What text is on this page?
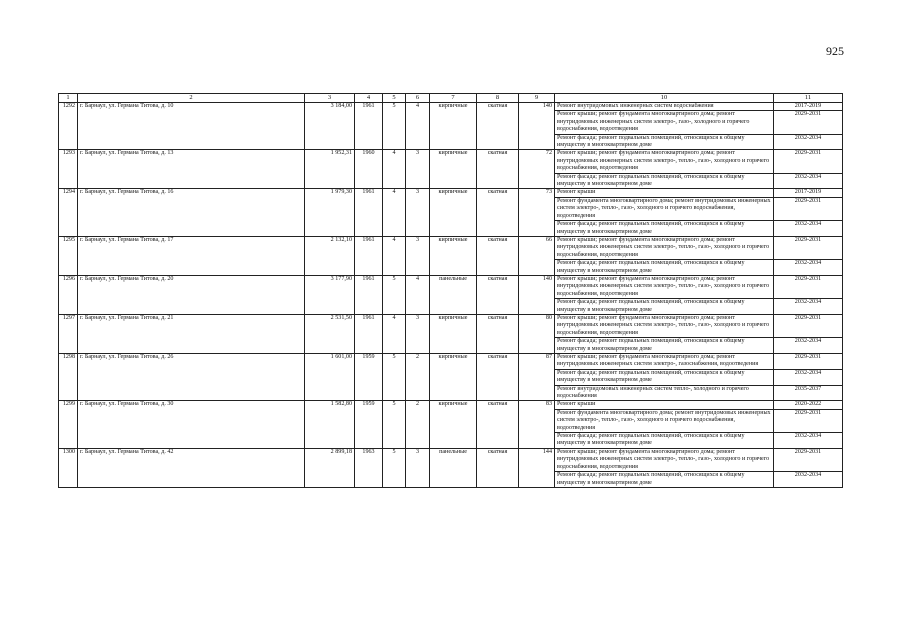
925
1	2	3	4	5	6	7	8	9	10	11
1292	г. Барнаул, ул. Германа Титова, д. 10	3 184,00	1961	5	4	кирпичные	скатная	140	Ремонт внутридомовых инженерных систем водоснабжения	2017-2019
									Ремонт крыши; ремонт фундамента многоквартирного дома; ремонт внутридомовых инженерных систем электро-, газо-, холодного и горячего водоснабжения, водоотведения	2029-2031
									Ремонт фасада; ремонт подвальных помещений, относящихся к общему имуществу в многоквартирном доме	2032-2034
1293	г. Барнаул, ул. Германа Титова, д. 13	1 952,31	1960	4	3	кирпичные	скатная	72	Ремонт крыши; ремонт фундамента многоквартирного дома; ремонт внутридомовых инженерных систем электро-, тепло-, газо-, холодного и горячего водоснабжения, водоотведения	2029-2031
									Ремонт фасада; ремонт подвальных помещений, относящихся к общему имуществу в многоквартирном доме	2032-2034
1294	г. Барнаул, ул. Германа Титова, д. 16	1 979,30	1961	4	3	кирпичные	скатная	73	Ремонт крыши	2017-2019
									Ремонт фундамента многоквартирного дома; ремонт внутридомовых инженерных систем электро-, тепло-, газо-, холодного и горячего водоснабжения, водоотведения	2029-2031
									Ремонт фасада; ремонт подвальных помещений, относящихся к общему имуществу в многоквартирном доме	2032-2034
1295	г. Барнаул, ул. Германа Титова, д. 17	2 132,10	1961	4	3	кирпичные	скатная	66	Ремонт крыши; ремонт фундамента многоквартирного дома; ремонт внутридомовых инженерных систем электро-, тепло-, газо-, холодного и горячего водоснабжения, водоотведения	2029-2031
									Ремонт фасада; ремонт подвальных помещений, относящихся к общему имуществу в многоквартирном доме	2032-2034
1296	г. Барнаул, ул. Германа Титова, д. 20	3 177,90	1961	5	4	панельные	скатная	140	Ремонт крыши; ремонт фундамента многоквартирного дома; ремонт внутридомовых инженерных систем электро-, тепло-, газо-, холодного и горячего водоснабжения, водоотведения	2029-2031
									Ремонт фасада; ремонт подвальных помещений, относящихся к общему имуществу в многоквартирном доме	2032-2034
1297	г. Барнаул, ул. Германа Титова, д. 21	2 531,50	1961	4	3	кирпичные	скатная	80	Ремонт крыши; ремонт фундамента многоквартирного дома; ремонт внутридомовых инженерных систем электро-, тепло-, газо-, холодного и горячего водоснабжения, водоотведения	2029-2031
									Ремонт фасада; ремонт подвальных помещений, относящихся к общему имуществу в многоквартирном доме	2032-2034
1298	г. Барнаул, ул. Германа Титова, д. 26	1 601,00	1959	5	2	кирпичные	скатная	87	Ремонт крыши; ремонт фундамента многоквартирного дома; ремонт внутридомовых инженерных систем электро-, газоснабжения, водоотведения	2029-2031
									Ремонт фасада; ремонт подвальных помещений, относящихся к общему имуществу в многоквартирном доме	2032-2034
									Ремонт внутридомовых инженерных систем тепло-, холодного и горячего водоснабжения	2035-2037
1299	г. Барнаул, ул. Германа Титова, д. 30	1 582,80	1959	5	2	кирпичные	скатная	83	Ремонт крыши	2020-2022
									Ремонт фундамента многоквартирного дома; ремонт внутридомовых инженерных систем электро-, тепло-, газо-, холодного и горячего водоснабжения, водоотведения	2029-2031
									Ремонт фасада; ремонт подвальных помещений, относящихся к общему имуществу в многоквартирном доме	2032-2034
1300	г. Барнаул, ул. Германа Титова, д. 42	2 899,18	1963	5	3	панельные	скатная	144	Ремонт крыши; ремонт фундамента многоквартирного дома; ремонт внутридомовых инженерных систем электро-, тепло-, газо-, холодного и горячего водоснабжения, водоотведения	2029-2031
									Ремонт фасада; ремонт подвальных помещений, относящихся к общему имуществу в многоквартирном доме	2032-2034
